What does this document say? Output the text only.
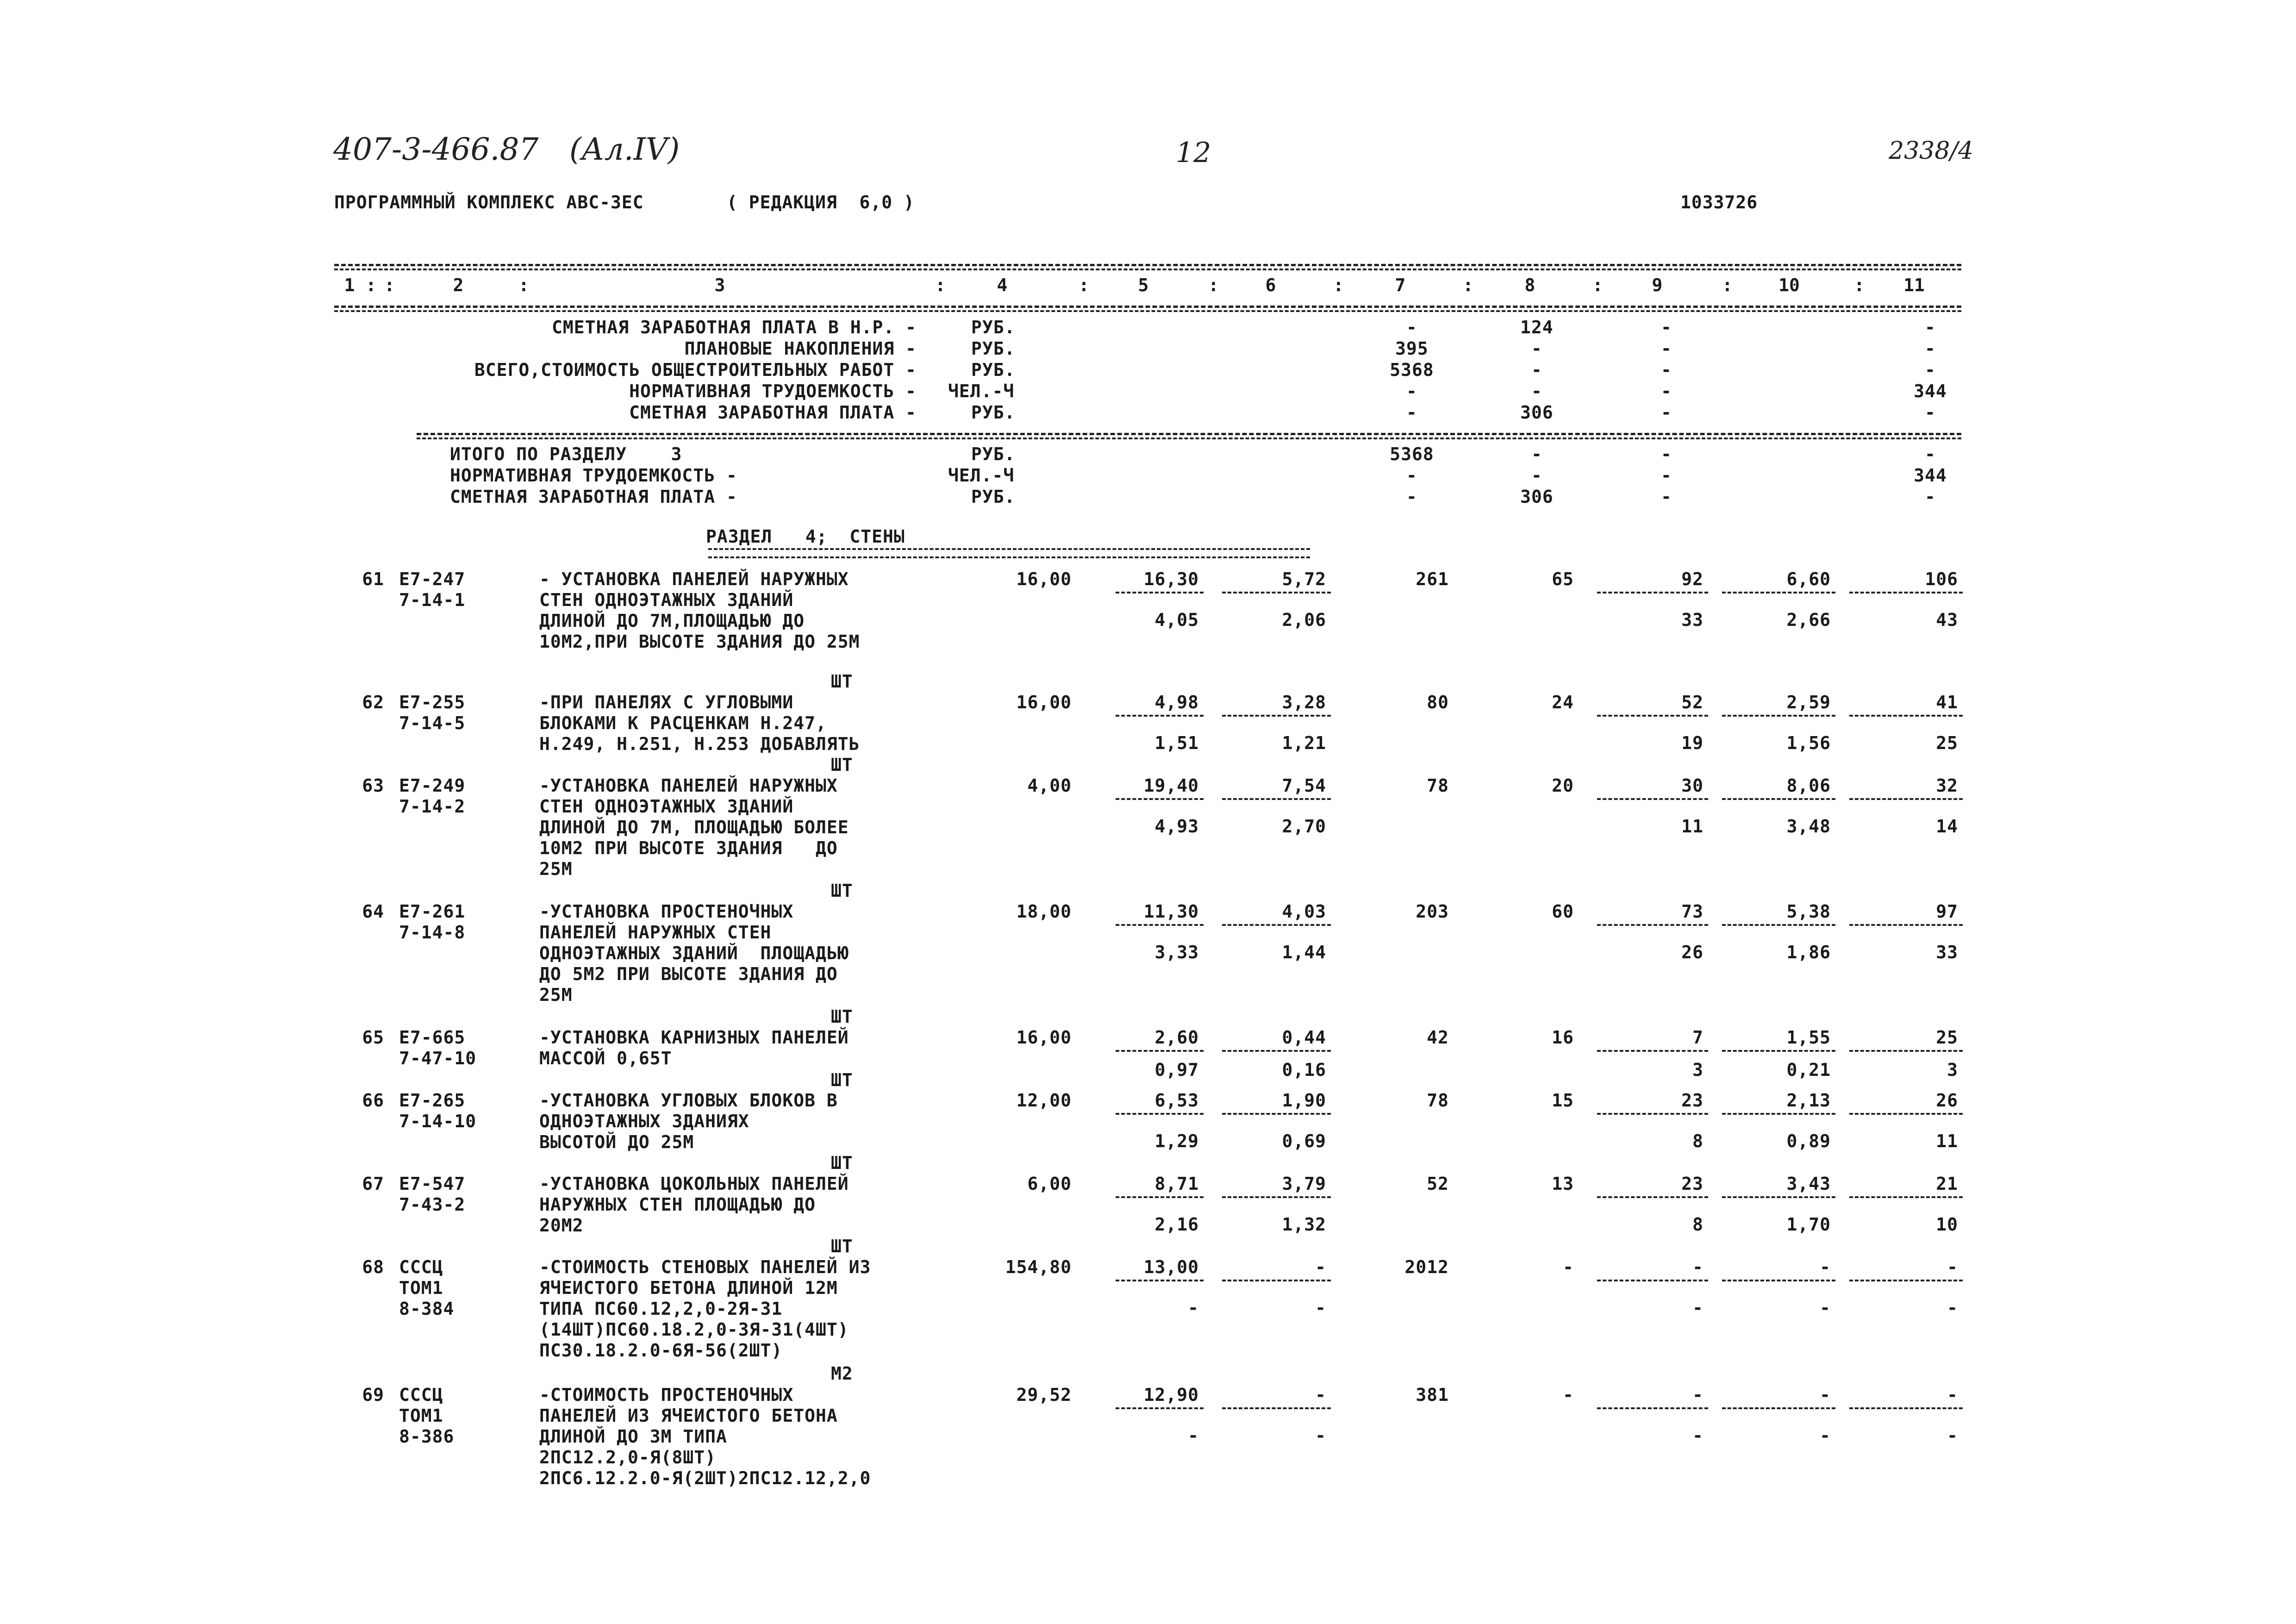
407-3-466.87 (Ал.IV)	12	2338/4
ПРОГРАММНЫЙ КОМПЛЕКС АВС-3ЕС	( РЕДАКЦИЯ  6,0 )	1033726
1	2	3	4	5	6	7	8	9	10	11
:	:	:	:	:	:	:	:	:	:
:
СМЕТНАЯ ЗАРАБОТНАЯ ПЛАТА В Н.Р. -	РУБ.	-	124	-	-
ПЛАНОВЫЕ НАКОПЛЕНИЯ -	РУБ.	395	-	-	-
ВСЕГО,СТОИМОСТЬ ОБЩЕСТРОИТЕЛЬНЫХ РАБОТ -	РУБ.	5368	-	-	-
НОРМАТИВНАЯ ТРУДОЕМКОСТЬ - ЧЕЛ.-Ч	-	-	-	344
СМЕТНАЯ ЗАРАБОТНАЯ ПЛАТА -	РУБ.	-	306	-	-
ИТОГО ПО РАЗДЕЛУ    3	РУБ.	5368	-	-	-
НОРМАТИВНАЯ ТРУДОЕМКОСТЬ -	ЧЕЛ.-Ч	-	-	-	344
СМЕТНАЯ ЗАРАБОТНАЯ ПЛАТА -	РУБ.	-	306	-	-
РАЗДЕЛ   4;  СТЕНЫ
61 Е7-247
7-14-1
- УСТАНОВКА ПАНЕЛЕЙ НАРУЖНЫХ
СТЕН ОДНОЭТАЖНЫХ ЗДАНИЙ
ДЛИНОЙ ДО 7М,ПЛОЩАДЬЮ ДО
10М2,ПРИ ВЫСОТЕ ЗДАНИЯ ДО 25М
ШТ
16,00	16,30	5,72	261	65	92	6,60	106
4,05	2,06	33	2,66	43
62 Е7-255
7-14-5
-ПРИ ПАНЕЛЯХ С УГЛОВЫМИ
БЛОКАМИ К РАСЦЕНКАМ Н.247,
Н.249, Н.251, Н.253 ДОБАВЛЯТЬ
ШТ
16,00	4,98	3,28	80	24	52	2,59	41
1,51	1,21	19	1,56	25
63 Е7-249
7-14-2
-УСТАНОВКА ПАНЕЛЕЙ НАРУЖНЫХ
СТЕН ОДНОЭТАЖНЫХ ЗДАНИЙ
ДЛИНОЙ ДО 7М, ПЛОЩАДЬЮ БОЛЕЕ
10М2 ПРИ ВЫСОТЕ ЗДАНИЯ   ДО
25М
ШТ
4,00	19,40	7,54	78	20	30	8,06	32
4,93	2,70	11	3,48	14
64 Е7-261
7-14-8
-УСТАНОВКА ПРОСТЕНОЧНЫХ
ПАНЕЛЕЙ НАРУЖНЫХ СТЕН
ОДНОЭТАЖНЫХ ЗДАНИЙ  ПЛОЩАДЬЮ
ДО 5М2 ПРИ ВЫСОТЕ ЗДАНИЯ ДО
25М
ШТ
18,00	11,30	4,03	203	60	73	5,38	97
3,33	1,44	26	1,86	33
65 Е7-665
7-47-10
-УСТАНОВКА КАРНИЗНЫХ ПАНЕЛЕЙ
МАССОЙ 0,65Т
ШТ
16,00	2,60	0,44	42	16	7	1,55	25
0,97	0,16	3	0,21	3
66 Е7-265
7-14-10
-УСТАНОВКА УГЛОВЫХ БЛОКОВ В
ОДНОЭТАЖНЫХ ЗДАНИЯХ
ВЫСОТОЙ ДО 25М
ШТ
12,00	6,53	1,90	78	15	23	2,13	26
1,29	0,69	8	0,89	11
67 Е7-547
7-43-2
-УСТАНОВКА ЦОКОЛЬНЫХ ПАНЕЛЕЙ
НАРУЖНЫХ СТЕН ПЛОЩАДЬЮ ДО
20М2
ШТ
6,00	8,71	3,79	52	13	23	3,43	21
2,16	1,32	8	1,70	10
68 СССЦ
ТОМ1
8-384
-СТОИМОСТЬ СТЕНОВЫХ ПАНЕЛЕЙ ИЗ
ЯЧЕИСТОГО БЕТОНА ДЛИНОЙ 12М
ТИПА ПС60.12,2,0-2Я-31
(14ШТ)ПС60.18.2,0-3Я-31(4ШТ)
ПС30.18.2.0-6Я-56(2ШТ)
М2
154,80	13,00	-	2012	-	-	-	-
-	-	-	-	-
69 СССЦ
ТОМ1
8-386
-СТОИМОСТЬ ПРОСТЕНОЧНЫХ
ПАНЕЛЕЙ ИЗ ЯЧЕИСТОГО БЕТОНА
ДЛИНОЙ ДО 3М ТИПА
2ПС12.2,0-Я(8ШТ)
2ПС6.12.2.0-Я(2ШТ)2ПС12.12,2,0
29,52	12,90	-	381	-	-	-	-
-	-	-	-	-
